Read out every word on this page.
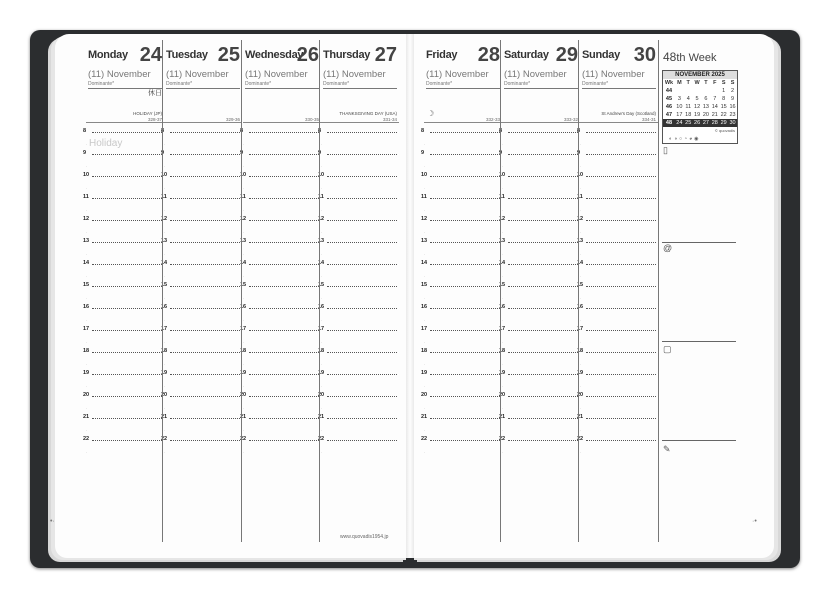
Monday 24
(11) November
Dominante*
休日
HOLIDAY (JP)
328-37
8
·
9
·
10
·
11
·
12
·
13
·
14
·
15
·
16
·
17
·
18
·
19
·
20
·
21
·
22
·
Tuesday 25
(11) November
Dominante*
329-36
8
·
9
·
10
·
11
·
12
·
13
·
14
·
15
·
16
·
17
·
18
·
19
·
20
·
21
·
22
·
Wednesday
26
(11) November
Dominante*
330-35
8
·
9
·
10
·
11
·
12
·
13
·
14
·
15
·
16
·
17
·
18
·
19
·
20
·
21
·
22
·
Thursday 27
(11) November
Dominante*
THANKSGIVING DAY (USA)
331-34
8
·
9
·
10
·
11
·
12
·
13
·
14
·
15
·
16
·
17
·
18
·
19
·
20
·
21
·
22
·
Friday 28
(11) November
Dominante*
332-33
☽
8
·
9
·
10
·
11
·
12
·
13
·
14
·
15
·
16
·
17
·
18
·
19
·
20
·
21
·
22
·
Saturday 29
(11) November
Dominante*
333-32
8
·
9
·
10
·
11
·
12
·
13
·
14
·
15
·
16
·
17
·
18
·
19
·
20
·
21
·
22
·
Sunday 30
(11) November
Dominante*
St Andrew's Day (Scotland)
334-31
8
·
9
·
10
·
11
·
12
·
13
·
14
·
15
·
16
·
17
·
18
·
19
·
20
·
21
·
22
·
Holiday
48th Week
NOVEMBER 2025
Wk	M	T	W	T	F	S	S
44						1	2
45	3	4	5	6	7	8	9
46	10	11	12	13	14	15	16
47	17	18	19	20	21	22	23
48	24	25	26	27	28	29	30
© quovadis
◐◑○◔◕◉
▯
@
▢
✎
www.quovadis1954.jp
•·	·•
